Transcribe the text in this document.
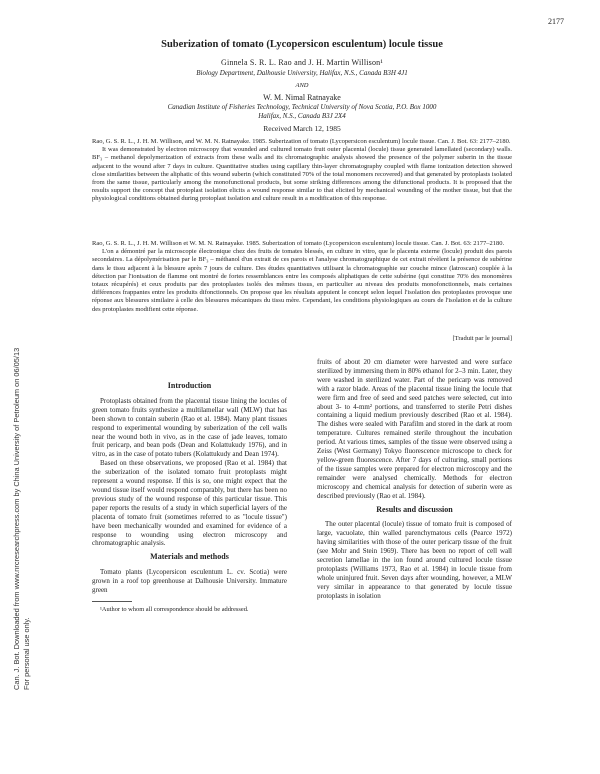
2177
Can. J. Bot. Downloaded from www.nrcresearchpress.com by China University of Petroleum on 06/05/13 For personal use only.
Suberization of tomato (Lycopersicon esculentum) locule tissue
Ginnela S. R. L. Rao and J. H. Martin Willison¹
Biology Department, Dalhousie University, Halifax, N.S., Canada B3H 4J1
AND
W. M. Nimal Ratnayake
Canadian Institute of Fisheries Technology, Technical University of Nova Scotia, P.O. Box 1000
Halifax, N.S., Canada B3J 2X4
Received March 12, 1985

Rao, G. S. R. L., J. H. M. Willison, and W. M. N. Ratnayake. 1985. Suberization of tomato (Lycopersicon esculentum) locule tissue. Can. J. Bot. 63: 2177–2180.

It was demonstrated by electron microscopy that wounded and cultured tomato fruit outer placental (locule) tissue generated lamellated (secondary) walls. BF₃ – methanol depolymerization of extracts from these walls and its chromatographic analysis showed the presence of the polymer suberin in the tissue adjacent to the wound after 7 days in culture. Quantitative studies using capillary thin-layer chromatography coupled with flame ionization detection showed close similarities between the aliphatic of this wound suberin (which constituted 70% of the total monomers recovered) and that generated by protoplasts isolated from the same tissue, particularly among the monofunctional products, but some striking differences among the difunctional products. It is proposed that the results support the concept that protoplast isolation elicits a wound response similar to that elicited by mechanical wounding of the mother tissue, but that the physiological conditions obtained during protoplast isolation and culture result in a modification of this response.

Rao, G. S. R. L., J. H. M. Willison et W. M. N. Ratnayake. 1985. Suberization of tomato (Lycopersicon esculentum) locule tissue. Can. J. Bot. 63: 2177–2180.

L'on a démontré par la microscopie électronique chez des fruits de tomates blessés, en culture in vitro, que le placenta externe (locule) produit des parois secondaires. La dépolymérisation par le BF₃ – méthanol d'un extrait de ces parois et l'analyse chromatographique de cet extrait révèlent la présence de subérine dans le tissu adjacent à la blessure après 7 jours de culture. Des études quantitatives utilisant la chromatographie sur couche mince (latroscan) couplée à la détection par l'ionisation de flamme ont montré de fortes ressemblances entre les composés aliphatiques de cette subérine (qui constitue 70% des monomères totaux récupérés) et ceux produits par des protoplastes isolés des mêmes tissus, en particulier au niveau des produits monofonctionnels, mais certaines différences frappantes entre les produits difonctionnels. On propose que les résultats appuient le concept selon lequel l'isolation des protoplastes provoque une réponse aux blessures similaire à celle des blessures mécaniques du tissu mère. Cependant, les conditions physiologiques au cours de l'isolation et de la culture des protoplastes modifient cette réponse.

[Traduit par le journal]
Introduction

Protoplasts obtained from the placental tissue lining the locules of green tomato fruits synthesize a multilamellar wall (MLW) that has been shown to contain suberin (Rao et al. 1984). Many plant tissues respond to experimental wounding by suberization of the cell walls near the wound both in vivo, as in the case of jade leaves, tomato fruit pericarp, and bean pods (Dean and Kolattukudy 1976), and in vitro, as in the case of potato tubers (Kolattukudy and Dean 1974).

Based on these observations, we proposed (Rao et al. 1984) that the suberization of the isolated tomato fruit protoplasts might represent a wound response. If this is so, one might expect that the wound tissue itself would respond comparably, but there has been no previous study of the wound response of this particular tissue. This paper reports the results of a study in which superficial layers of the placenta of tomato fruit (sometimes referred to as "locule tissue") have been mechanically wounded and examined for evidence of a response to wounding using electron microscopy and chromatographic analysis.

Materials and methods

Tomato plants (Lycopersicon esculentum L. cv. Scotia) were grown in a roof top greenhouse at Dalhousie University. Immature green

¹Author to whom all correspondence should be addressed.

fruits of about 20 cm diameter were harvested and were surface sterilized by immersing them in 80% ethanol for 2–3 min. Later, they were washed in sterilized water. Part of the pericarp was removed with a razor blade. Areas of the placental tissue lining the locule that were firm and free of seed and seed patches were selected, cut into about 3- to 4-mm² portions, and transferred to sterile Petri dishes containing a liquid medium previously described (Rao et al. 1984). The dishes were sealed with Parafilm and stored in the dark at room temperature. Cultures remained sterile throughout the incubation period. At various times, samples of the tissue were observed using a Zeiss (West Germany) Tokyo fluorescence microscope to check for yellow-green fluorescence. After 7 days of culturing, small portions of the tissue samples were prepared for electron microscopy and the remainder were analysed chemically. Methods for electron microscopy and chemical analysis for detection of suberin were as described previously (Rao et al. 1984).

Results and discussion

The outer placental (locule) tissue of tomato fruit is composed of large, vacuolate, thin walled parenchymatous cells (Pearce 1972) having similarities with those of the outer pericarp tissue of the fruit (see Mohr and Stein 1969). There has been no report of cell wall secretion lamellae in the ion found around cultured locule tissue protoplasts (Williams 1973, Rao et al. 1984) in locule tissue from whole uninjured fruit. Seven days after wounding, however, a MLW very similar in appearance to that generated by locule tissue protoplasts in isolation
